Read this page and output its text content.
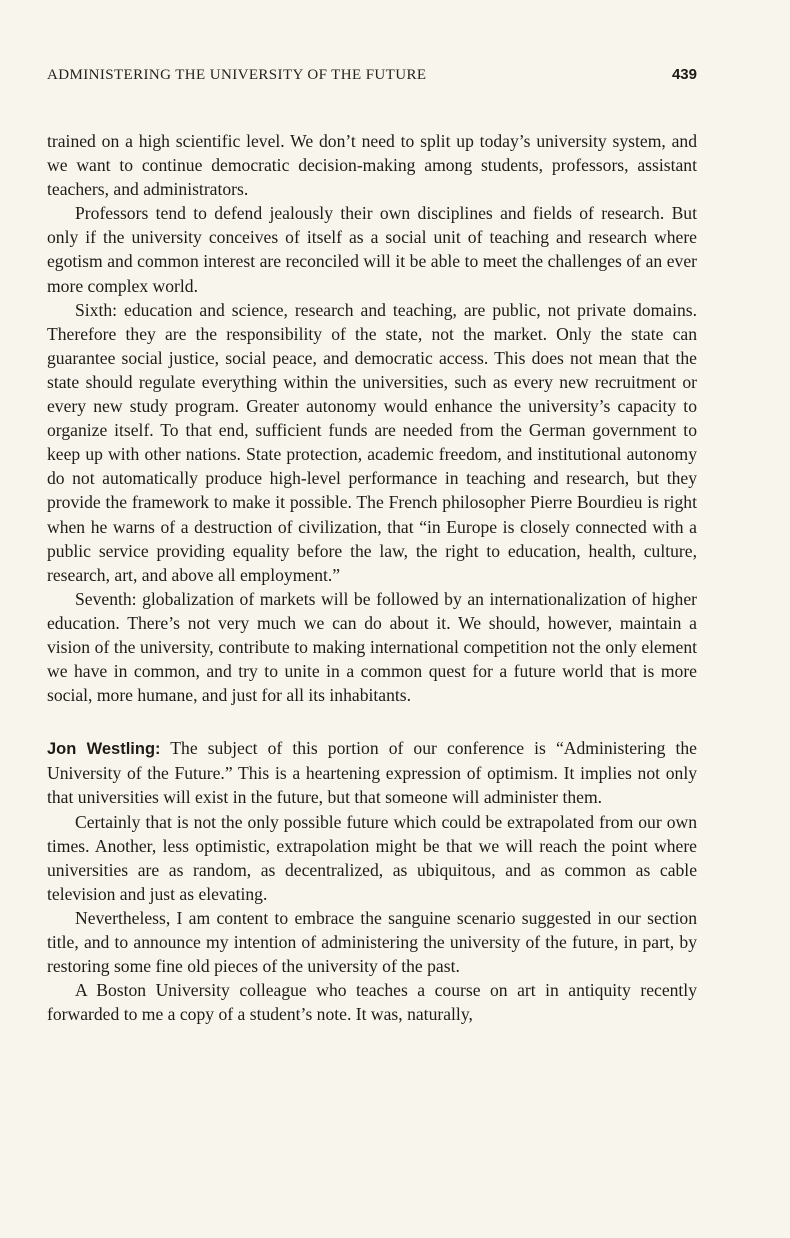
ADMINISTERING THE UNIVERSITY OF THE FUTURE	439

trained on a high scientific level. We don’t need to split up today’s university system, and we want to continue democratic decision-making among students, professors, assistant teachers, and administrators.

Professors tend to defend jealously their own disciplines and fields of research. But only if the university conceives of itself as a social unit of teaching and research where egotism and common interest are reconciled will it be able to meet the challenges of an ever more complex world.

Sixth: education and science, research and teaching, are public, not private domains. Therefore they are the responsibility of the state, not the market. Only the state can guarantee social justice, social peace, and democratic access. This does not mean that the state should regulate everything within the universities, such as every new recruitment or every new study program. Greater autonomy would enhance the university’s capacity to organize itself. To that end, sufficient funds are needed from the German government to keep up with other nations. State protection, academic freedom, and institutional autonomy do not automatically produce high-level performance in teaching and research, but they provide the framework to make it possible. The French philosopher Pierre Bourdieu is right when he warns of a destruction of civilization, that “in Europe is closely connected with a public service providing equality before the law, the right to education, health, culture, research, art, and above all employment.”

Seventh: globalization of markets will be followed by an internationalization of higher education. There’s not very much we can do about it. We should, however, maintain a vision of the university, contribute to making international competition not the only element we have in common, and try to unite in a common quest for a future world that is more social, more humane, and just for all its inhabitants.

Jon Westling: The subject of this portion of our conference is “Administering the University of the Future.” This is a heartening expression of optimism. It implies not only that universities will exist in the future, but that someone will administer them.

Certainly that is not the only possible future which could be extrapolated from our own times. Another, less optimistic, extrapolation might be that we will reach the point where universities are as random, as decentralized, as ubiquitous, and as common as cable television and just as elevating.

Nevertheless, I am content to embrace the sanguine scenario suggested in our section title, and to announce my intention of administering the university of the future, in part, by restoring some fine old pieces of the university of the past.

A Boston University colleague who teaches a course on art in antiquity recently forwarded to me a copy of a student’s note. It was, naturally,
